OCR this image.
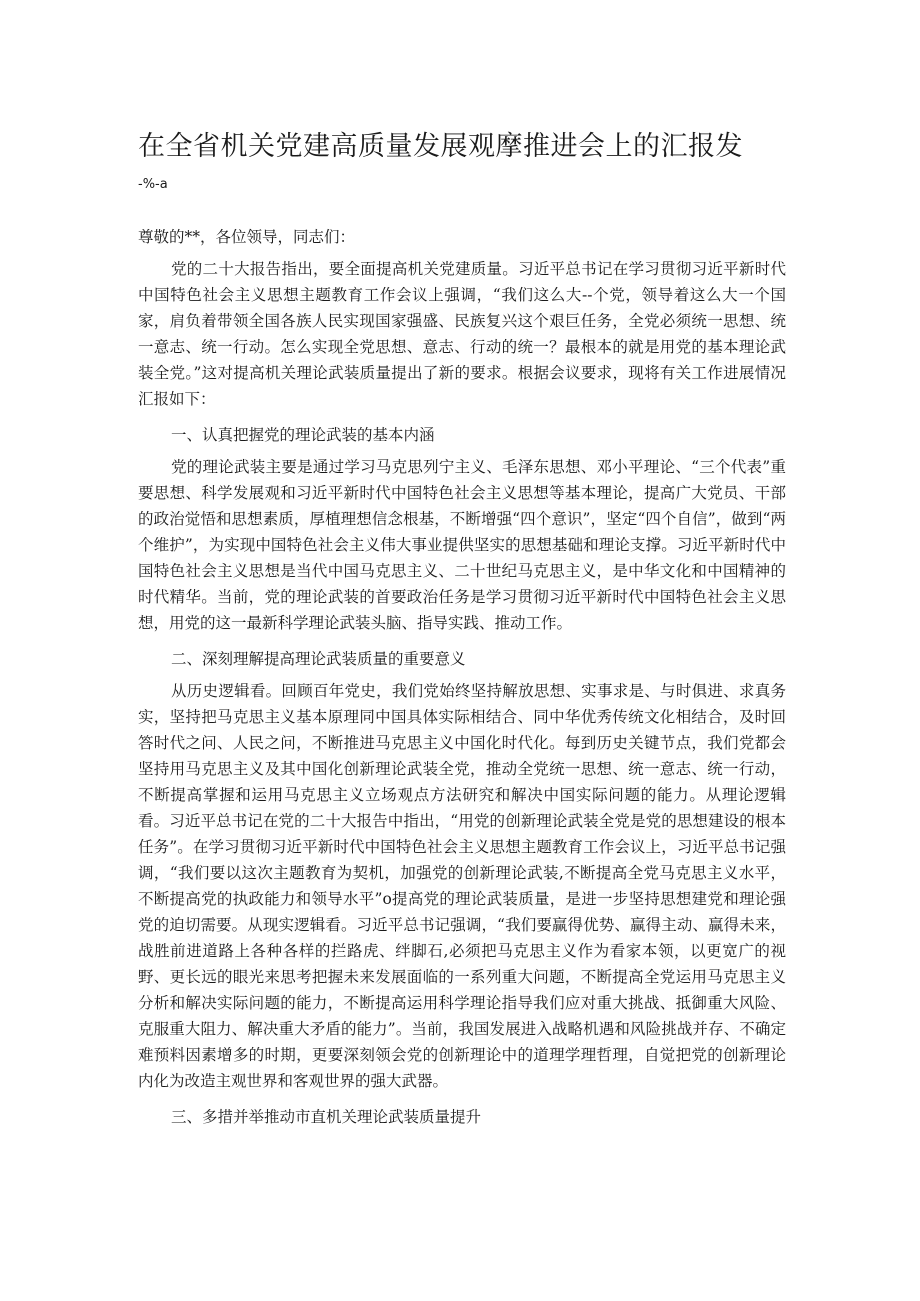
在全省机关党建高质量发展观摩推进会上的汇报发
-%-a

尊敬的**，各位领导，同志们：

党的二十大报告指出，要全面提高机关党建质量。习近平总书记在学习贯彻习近平新时代中国特色社会主义思想主题教育工作会议上强调，“我们这么大--个党，领导着这么大一个国家，肩负着带领全国各族人民实现国家强盛、民族复兴这个艰巨任务，全党必须统一思想、统一意志、统一行动。怎么实现全党思想、意志、行动的统一？最根本的就是用党的基本理论武装全党。”这对提高机关理论武装质量提出了新的要求。根据会议要求，现将有关工作进展情况汇报如下：

一、认真把握党的理论武装的基本内涵

党的理论武装主要是通过学习马克思列宁主义、毛泽东思想、邓小平理论、“三个代表”重要思想、科学发展观和习近平新时代中国特色社会主义思想等基本理论，提高广大党员、干部的政治觉悟和思想素质，厚植理想信念根基，不断增强“四个意识”，坚定“四个自信”，做到“两个维护”，为实现中国特色社会主义伟大事业提供坚实的思想基础和理论支撑。习近平新时代中国特色社会主义思想是当代中国马克思主义、二十世纪马克思主义，是中华文化和中国精神的时代精华。当前，党的理论武装的首要政治任务是学习贯彻习近平新时代中国特色社会主义思想，用党的这一最新科学理论武装头脑、指导实践、推动工作。

二、深刻理解提高理论武装质量的重要意义

从历史逻辑看。回顾百年党史，我们党始终坚持解放思想、实事求是、与时俱进、求真务实，坚持把马克思主义基本原理同中国具体实际相结合、同中华优秀传统文化相结合，及时回答时代之问、人民之问，不断推进马克思主义中国化时代化。每到历史关键节点，我们党都会坚持用马克思主义及其中国化创新理论武装全党，推动全党统一思想、统一意志、统一行动，不断提高掌握和运用马克思主义立场观点方法研究和解决中国实际问题的能力。从理论逻辑看。习近平总书记在党的二十大报告中指出，“用党的创新理论武装全党是党的思想建设的根本任务”。在学习贯彻习近平新时代中国特色社会主义思想主题教育工作会议上，习近平总书记强调，“我们要以这次主题教育为契机，加强党的创新理论武装,不断提高全党马克思主义水平，不断提高党的执政能力和领导水平”o提高党的理论武装质量，是进一步坚持思想建党和理论强党的迫切需要。从现实逻辑看。习近平总书记强调，“我们要赢得优势、赢得主动、赢得未来，战胜前进道路上各种各样的拦路虎、绊脚石,必须把马克思主义作为看家本领，以更宽广的视野、更长远的眼光来思考把握未来发展面临的一系列重大问题，不断提高全党运用马克思主义分析和解决实际问题的能力，不断提高运用科学理论指导我们应对重大挑战、抵御重大风险、克服重大阻力、解决重大矛盾的能力”。当前，我国发展进入战略机遇和风险挑战并存、不确定难预料因素增多的时期，更要深刻领会党的创新理论中的道理学理哲理，自觉把党的创新理论内化为改造主观世界和客观世界的强大武器。

三、多措并举推动市直机关理论武装质量提升
